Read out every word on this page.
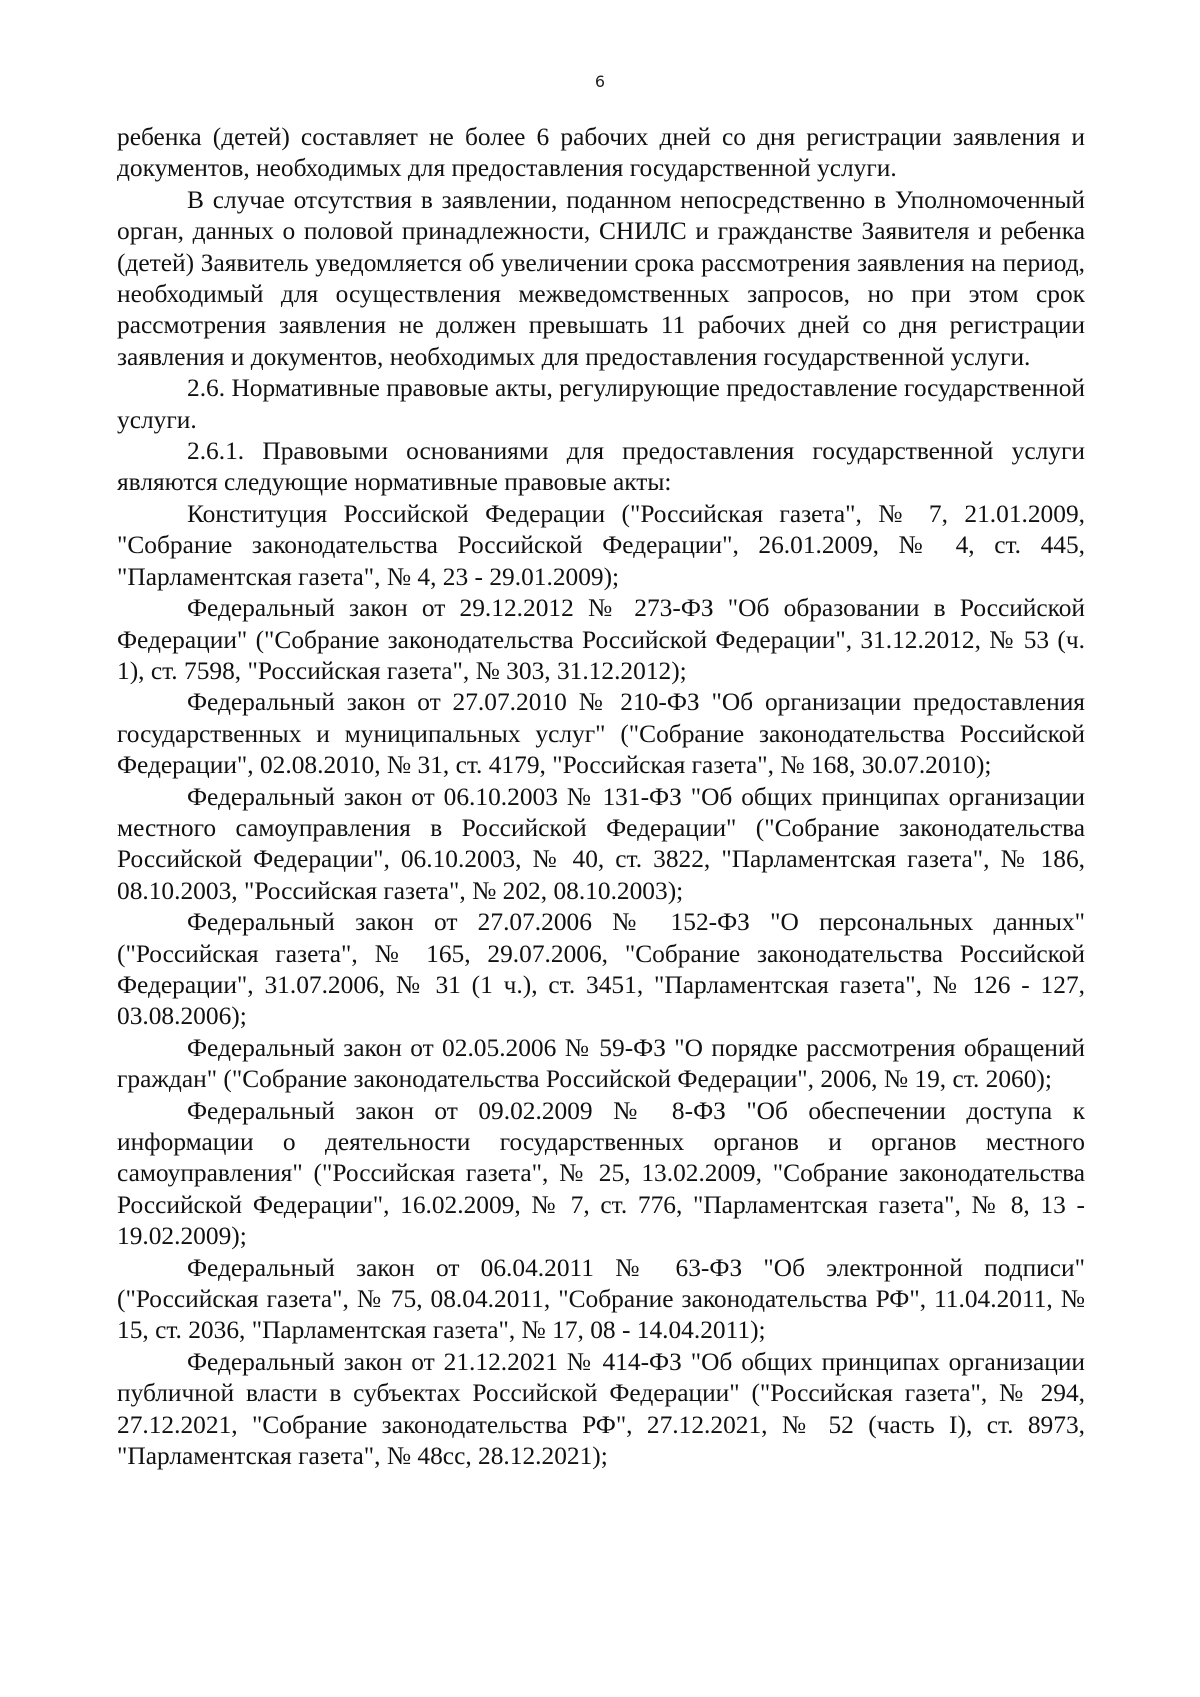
6

ребенка (детей) составляет не более 6 рабочих дней со дня регистрации заявления и документов, необходимых для предоставления государственной услуги.

В случае отсутствия в заявлении, поданном непосредственно в Уполномоченный орган, данных о половой принадлежности, СНИЛС и гражданстве Заявителя и ребенка (детей) Заявитель уведомляется об увеличении срока рассмотрения заявления на период, необходимый для осуществления межведомственных запросов, но при этом срок рассмотрения заявления не должен превышать 11 рабочих дней со дня регистрации заявления и документов, необходимых для предоставления государственной услуги.

2.6. Нормативные правовые акты, регулирующие предоставление государственной услуги.

2.6.1. Правовыми основаниями для предоставления государственной услуги являются следующие нормативные правовые акты:

Конституция Российской Федерации ("Российская газета", № 7, 21.01.2009, "Собрание законодательства Российской Федерации", 26.01.2009, № 4, ст. 445, "Парламентская газета", № 4, 23 - 29.01.2009);

Федеральный закон от 29.12.2012 № 273-ФЗ "Об образовании в Российской Федерации" ("Собрание законодательства Российской Федерации", 31.12.2012, № 53 (ч. 1), ст. 7598, "Российская газета", № 303, 31.12.2012);

Федеральный закон от 27.07.2010 № 210-ФЗ "Об организации предоставления государственных и муниципальных услуг" ("Собрание законодательства Российской Федерации", 02.08.2010, № 31, ст. 4179, "Российская газета", № 168, 30.07.2010);

Федеральный закон от 06.10.2003 № 131-ФЗ "Об общих принципах организации местного самоуправления в Российской Федерации" ("Собрание законодательства Российской Федерации", 06.10.2003, № 40, ст. 3822, "Парламентская газета", № 186, 08.10.2003, "Российская газета", № 202, 08.10.2003);

Федеральный закон от 27.07.2006 № 152-ФЗ "О персональных данных" ("Российская газета", № 165, 29.07.2006, "Собрание законодательства Российской Федерации", 31.07.2006, № 31 (1 ч.), ст. 3451, "Парламентская газета", № 126 - 127, 03.08.2006);

Федеральный закон от 02.05.2006 № 59-ФЗ "О порядке рассмотрения обращений граждан" ("Собрание законодательства Российской Федерации", 2006, № 19, ст. 2060);

Федеральный закон от 09.02.2009 № 8-ФЗ "Об обеспечении доступа к информации о деятельности государственных органов и органов местного самоуправления" ("Российская газета", № 25, 13.02.2009, "Собрание законодательства Российской Федерации", 16.02.2009, № 7, ст. 776, "Парламентская газета", № 8, 13 - 19.02.2009);

Федеральный закон от 06.04.2011 № 63-ФЗ "Об электронной подписи" ("Российская газета", № 75, 08.04.2011, "Собрание законодательства РФ", 11.04.2011, № 15, ст. 2036, "Парламентская газета", № 17, 08 - 14.04.2011);

Федеральный закон от 21.12.2021 № 414-ФЗ "Об общих принципах организации публичной власти в субъектах Российской Федерации" ("Российская газета", № 294, 27.12.2021, "Собрание законодательства РФ", 27.12.2021, № 52 (часть I), ст. 8973, "Парламентская газета", № 48сс, 28.12.2021);
